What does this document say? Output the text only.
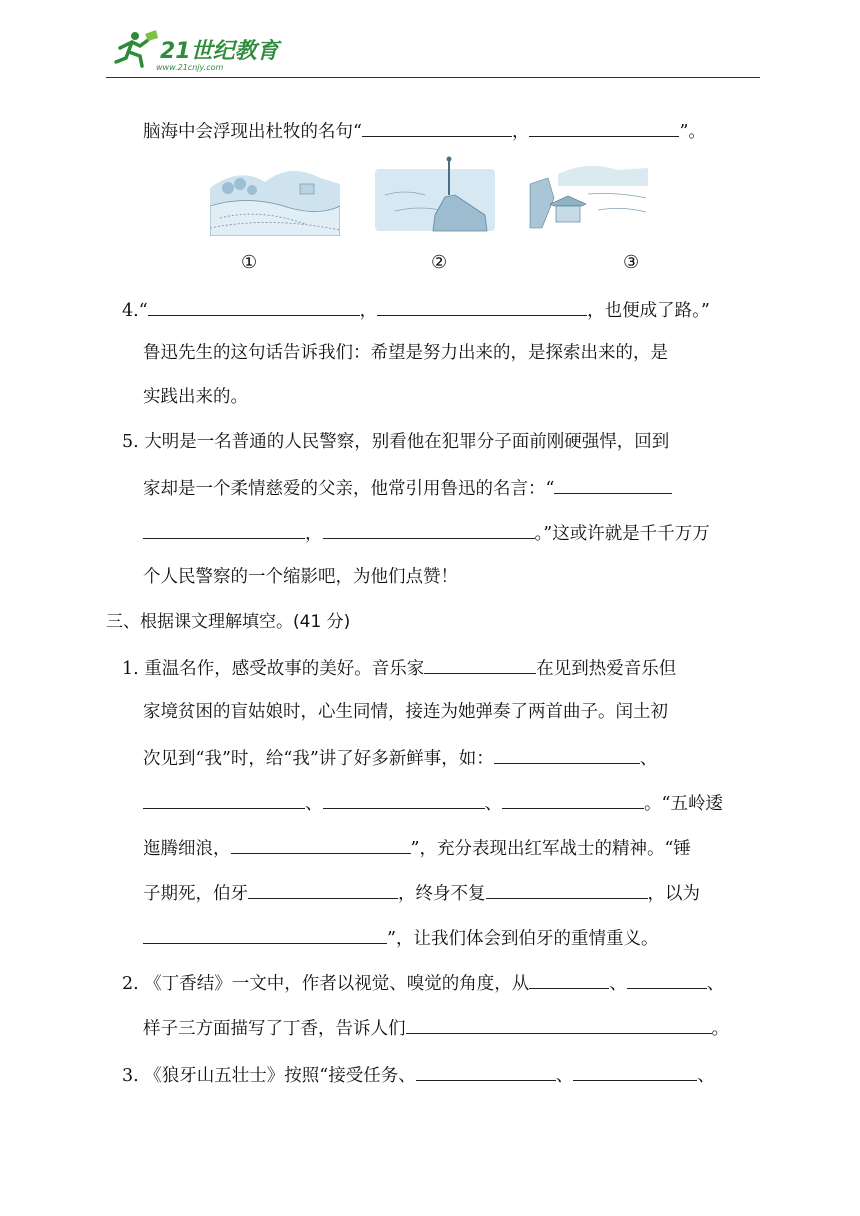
21世纪教育
www.21cnjy.com
脑海中会浮现出杜牧的名句“	，	”。
①	②	③
4.“	，	，也便成了路。”
鲁迅先生的这句话告诉我们：希望是努力出来的，是探索出来的，是
实践出来的。
5. 大明是一名普通的人民警察，别看他在犯罪分子面前刚硬强悍，回到
家却是一个柔情慈爱的父亲，他常引用鲁迅的名言：“
，	。”这或许就是千千万万
个人民警察的一个缩影吧，为他们点赞！
三、根据课文理解填空。(41 分)
1. 重温名作，感受故事的美好。音乐家	在见到热爱音乐但
家境贫困的盲姑娘时，心生同情，接连为她弹奏了两首曲子。闰土初
次见到“我”时，给“我”讲了好多新鲜事，如：	、
、	、	。“五岭逶
迤腾细浪，	”，充分表现出红军战士的精神。“锤
子期死，伯牙	，终身不复	，以为
”，让我们体会到伯牙的重情重义。
2. 《丁香结》一文中，作者以视觉、嗅觉的角度，从	、	、
样子三方面描写了丁香，告诉人们	。
3. 《狼牙山五壮士》按照“接受任务、	、	、
